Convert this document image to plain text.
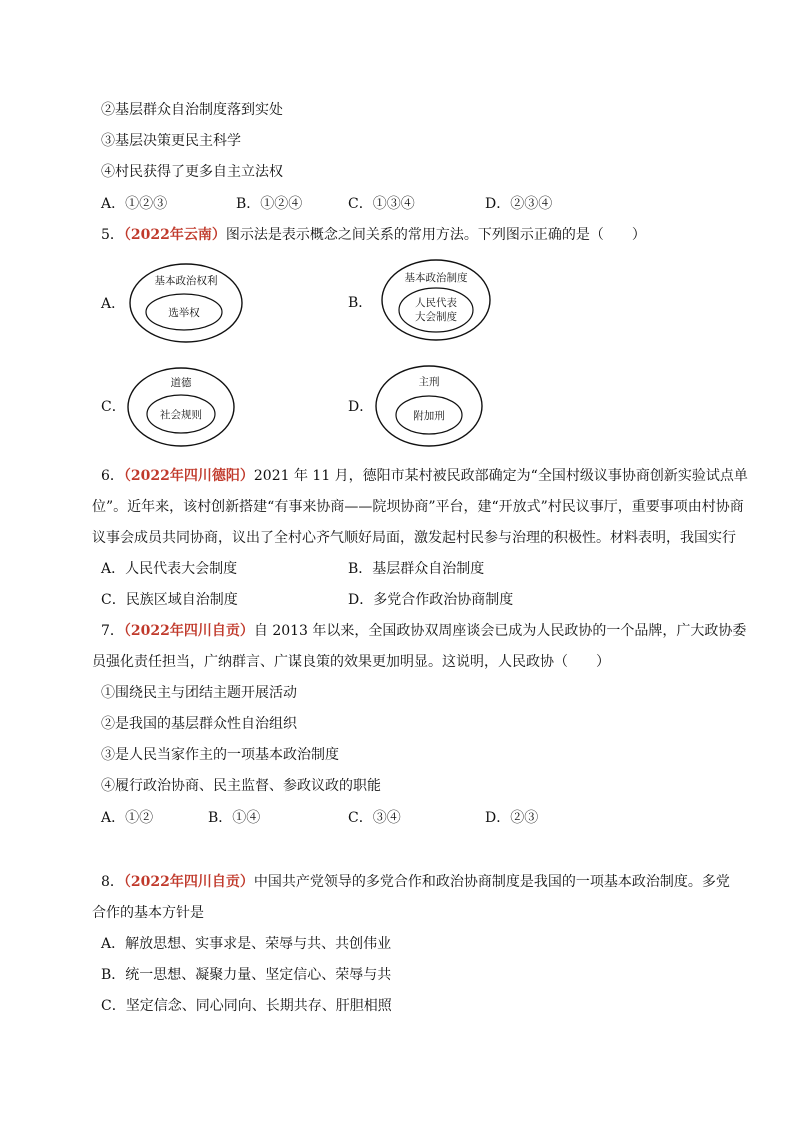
②基层群众自治制度落到实处
③基层决策更民主科学
④村民获得了更多自主立法权
A．①②③	B．①②④	C．①③④	D．②③④
5．（2022年云南）图示法是表示概念之间关系的常用方法。下列图示正确的是（　　）
A．
基本政治权利
选举权
B．
基本政治制度
人民代表
大会制度
C．
道德
社会规则	D．
主刑
附加刑
6．（2022年四川德阳）2021 年 11 月，德阳市某村被民政部确定为“全国村级议事协商创新实验试点单
位”。近年来，该村创新搭建“有事来协商——院坝协商”平台，建“开放式”村民议事厅，重要事项由村协商
议事会成员共同协商，议出了全村心齐气顺好局面，激发起村民参与治理的积极性。材料表明，我国实行
A．人民代表大会制度	B．基层群众自治制度
C．民族区域自治制度	D．多党合作政治协商制度
7．（2022年四川自贡）自 2013 年以来，全国政协双周座谈会已成为人民政协的一个品牌，广大政协委
员强化责任担当，广纳群言、广谋良策的效果更加明显。这说明，人民政协（　　）
①围绕民主与团结主题开展活动
②是我国的基层群众性自治组织
③是人民当家作主的一项基本政治制度
④履行政治协商、民主监督、参政议政的职能
A．①②	B．①④	C．③④	D．②③
8．（2022年四川自贡）中国共产党领导的多党合作和政治协商制度是我国的一项基本政治制度。多党
合作的基本方针是
A．解放思想、实事求是、荣辱与共、共创伟业
B．统一思想、凝聚力量、坚定信心、荣辱与共
C．坚定信念、同心同向、长期共存、肝胆相照
